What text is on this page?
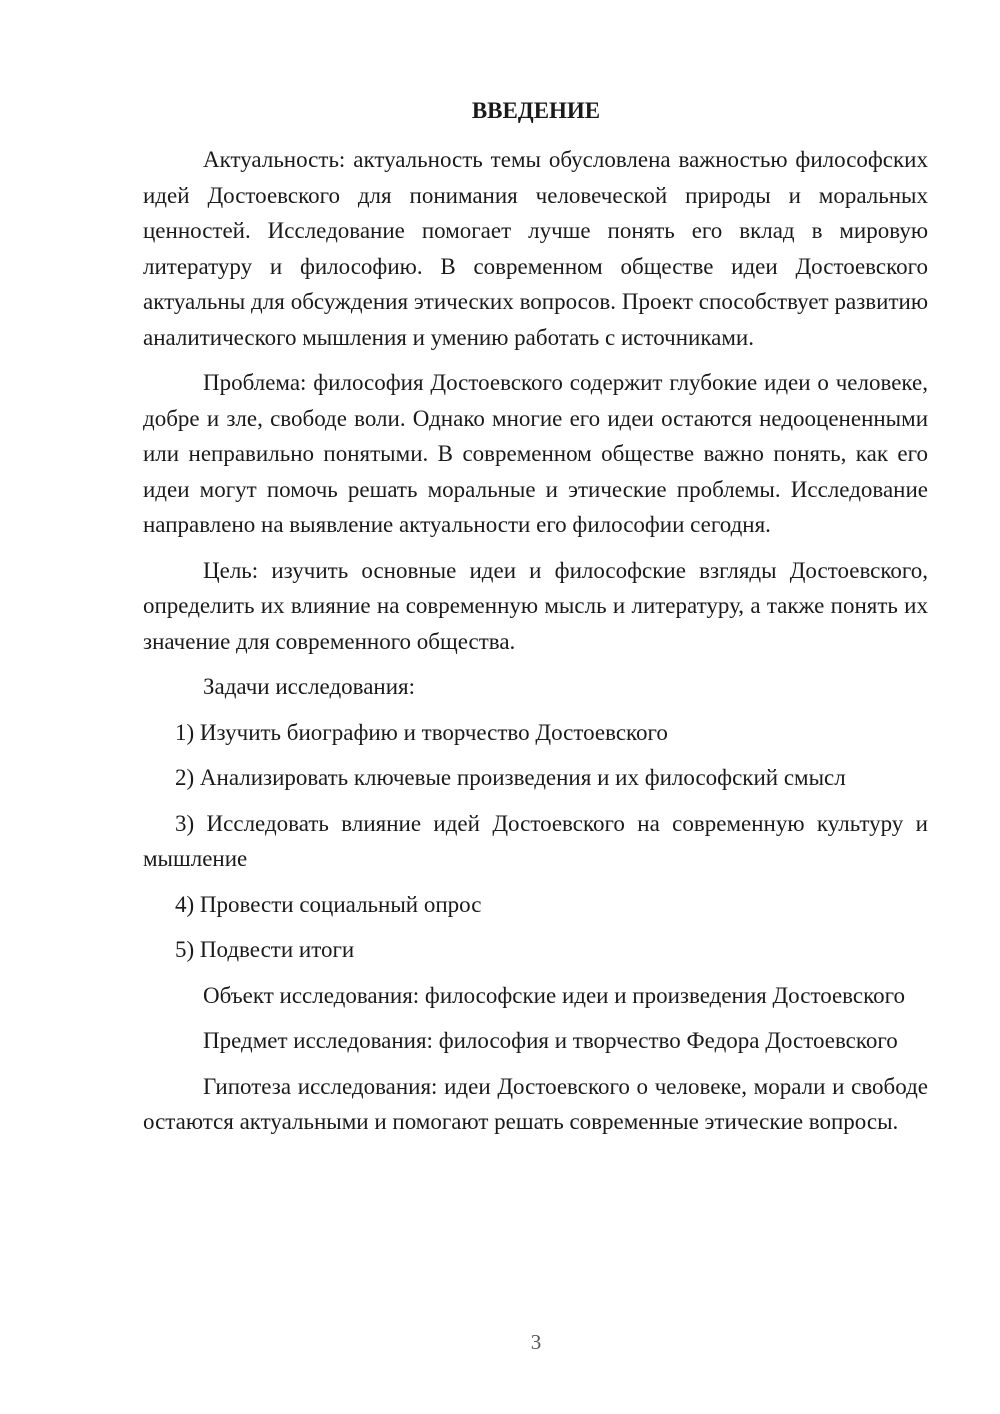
ВВЕДЕНИЕ

Актуальность: актуальность темы обусловлена важностью философских идей Достоевского для понимания человеческой природы и моральных ценностей. Исследование помогает лучше понять его вклад в мировую литературу и философию. В современном обществе идеи Достоевского актуальны для обсуждения этических вопросов. Проект способствует развитию аналитического мышления и умению работать с источниками.

Проблема: философия Достоевского содержит глубокие идеи о человеке, добре и зле, свободе воли. Однако многие его идеи остаются недооцененными или неправильно понятыми. В современном обществе важно понять, как его идеи могут помочь решать моральные и этические проблемы. Исследование направлено на выявление актуальности его философии сегодня.

Цель: изучить основные идеи и философские взгляды Достоевского, определить их влияние на современную мысль и литературу, а также понять их значение для современного общества.

Задачи исследования:

1) Изучить биографию и творчество Достоевского

2) Анализировать ключевые произведения и их философский смысл

3) Исследовать влияние идей Достоевского на современную культуру и мышление

4) Провести социальный опрос

5) Подвести итоги

Объект исследования: философские идеи и произведения Достоевского

Предмет исследования: философия и творчество Федора Достоевского

Гипотеза исследования: идеи Достоевского о человеке, морали и свободе остаются актуальными и помогают решать современные этические вопросы.

3
